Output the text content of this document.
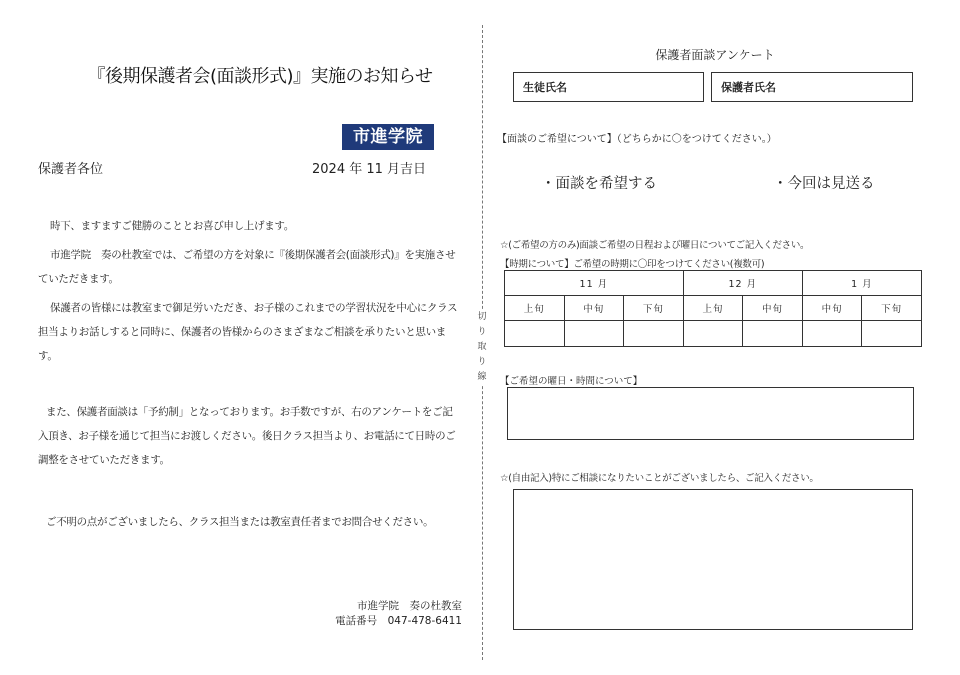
『後期保護者会(面談形式)』実施のお知らせ
市進学院
保護者各位	2024 年 11 月吉日
時下、ますますご健勝のこととお喜び申し上げます。
市進学院　奏の杜教室では、ご希望の方を対象に『後期保護者会(面談形式)』を実施させていただきます。
保護者の皆様には教室まで御足労いただき、お子様のこれまでの学習状況を中心にクラス担当よりお話しすると同時に、保護者の皆様からのさまざまなご相談を承りたいと思います。
また、保護者面談は「予約制」となっております。お手数ですが、右のアンケートをご記入頂き、お子様を通じて担当にお渡しください。後日クラス担当より、お電話にて日時のご調整をさせていただきます。
ご不明の点がございましたら、クラス担当または教室責任者までお問合せください。
市進学院　奏の杜教室
電話番号　047-478-6411
切
り
取
り
線
保護者面談アンケート
生徒氏名	保護者氏名
【面談のご希望について】（どちらかに〇をつけてください。）
・面談を希望する	・今回は見送る
☆(ご希望の方のみ)面談ご希望の日程および曜日についてご記入ください。
【時期について】ご希望の時期に〇印をつけてください(複数可)
11 月			12 月		1 月	
上旬	中旬	下旬	上旬	中旬	中旬	下旬

【ご希望の曜日・時間について】
☆(自由記入)特にご相談になりたいことがございましたら、ご記入ください。
